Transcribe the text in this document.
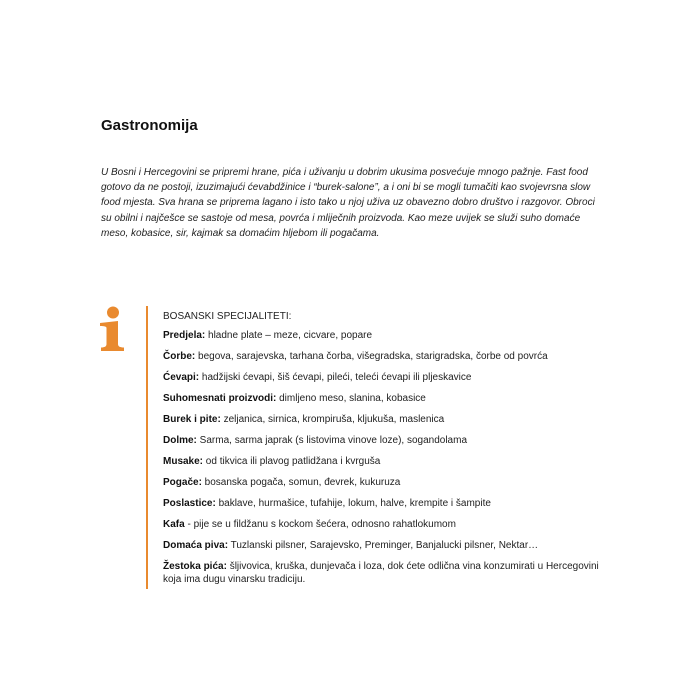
Gastronomija

U Bosni i Hercegovini se pripremi hrane, pića i uživanju u dobrim ukusima posvećuje mnogo pažnje. Fast food gotovo da ne postoji, izuzimajući ćevabdžinice i “burek-salone”, a i oni bi se mogli tumačiti kao svojevrsna slow food mjesta. Sva hrana se priprema lagano i isto tako u njoj uživa uz obavezno dobro društvo i razgovor. Obroci su obilni i najčešce se sastoje od mesa, povrća i mliječnih proizvoda. Kao meze uvijek se služi suho domaće meso, kobasice, sir, kajmak sa domaćim hljebom ili pogačama.

BOSANSKI SPECIJALITETI:

Predjela: hladne plate – meze, cicvare, popare

Čorbe: begova, sarajevska, tarhana čorba, višegradska, starigradska, čorbe od povrća

Ćevapi: hadžijski ćevapi, šiš ćevapi, pileći, teleći ćevapi ili pljeskavice

Suhomesnati proizvodi: dimljeno meso, slanina, kobasice

Burek i pite: zeljanica, sirnica, krompiruša, kljukuša, maslenica

Dolme: Sarma, sarma japrak (s listovima vinove loze), sogandolama

Musake: od tikvica ili plavog patlidžana i kvrguša

Pogače: bosanska pogača, somun, đevrek, kukuruza

Poslastice: baklave, hurmašice, tufahije, lokum, halve, krempite i šampite

Kafa - pije se u fildžanu s kockom šećera, odnosno rahatlokumom

Domaća piva: Tuzlanski pilsner, Sarajevsko, Preminger, Banjalucki pilsner, Nektar…

Žestoka pića: šljivovica, kruška, dunjevača i loza, dok ćete odlična vina konzumirati u Hercegovini koja ima dugu vinarsku tradiciju.
